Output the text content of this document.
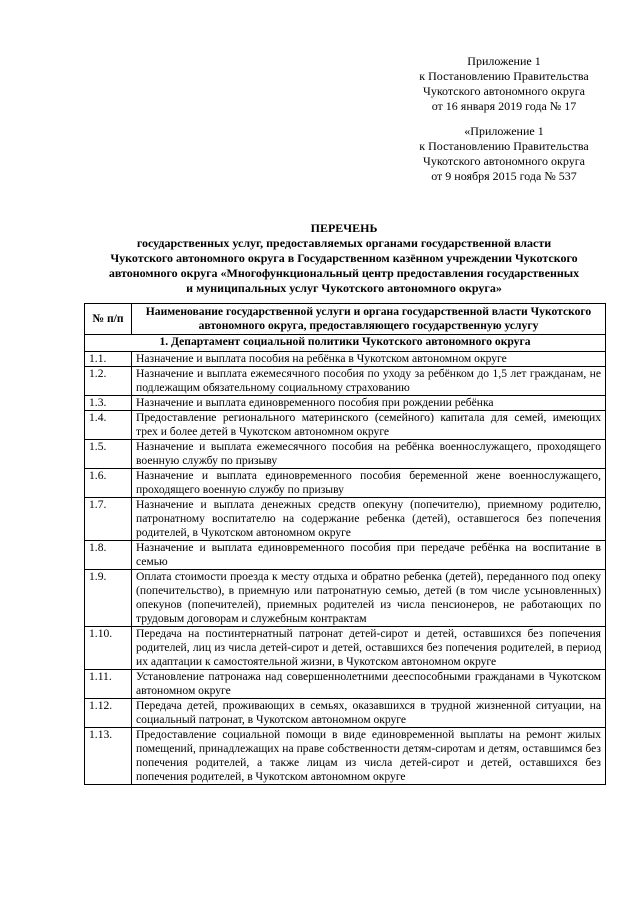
Приложение 1
к Постановлению Правительства
Чукотского автономного округа
от 16 января 2019 года № 17
«Приложение 1
к Постановлению Правительства
Чукотского автономного округа
от 9 ноября 2015 года № 537
ПЕРЕЧЕНЬ
государственных услуг, предоставляемых органами государственной власти
Чукотского автономного округа в Государственном казённом учреждении Чукотского
автономного округа «Многофункциональный центр предоставления государственных
и муниципальных услуг Чукотского автономного округа»
№ п/п	Наименование государственной услуги и органа государственной власти Чукотского автономного округа, предоставляющего государственную услугу
1. Департамент социальной политики Чукотского автономного округа	
1.1.	Назначение и выплата пособия на ребёнка в Чукотском автономном округе
1.2.	Назначение и выплата ежемесячного пособия по уходу за ребёнком до 1,5 лет гражданам, не подлежащим обязательному социальному страхованию
1.3.	Назначение и выплата единовременного пособия при рождении ребёнка
1.4.	Предоставление регионального материнского (семейного) капитала для семей, имеющих трех и более детей в Чукотском автономном округе
1.5.	Назначение и выплата ежемесячного пособия на ребёнка военнослужащего, проходящего военную службу по призыву
1.6.	Назначение и выплата единовременного пособия беременной жене военнослужащего, проходящего военную службу по призыву
1.7.	Назначение и выплата денежных средств опекуну (попечителю), приемному родителю, патронатному воспитателю на содержание ребенка (детей), оставшегося без попечения родителей, в Чукотском автономном округе
1.8.	Назначение и выплата единовременного пособия при передаче ребёнка на воспитание в семью
1.9.	Оплата стоимости проезда к месту отдыха и обратно ребенка (детей), переданного под опеку (попечительство), в приемную или патронатную семью, детей (в том числе усыновленных) опекунов (попечителей), приемных родителей из числа пенсионеров, не работающих по трудовым договорам и служебным контрактам
1.10.	Передача на постинтернатный патронат детей-сирот и детей, оставшихся без попечения родителей, лиц из числа детей-сирот и детей, оставшихся без попечения родителей, в период их адаптации к самостоятельной жизни, в Чукотском автономном округе
1.11.	Установление патронажа над совершеннолетними дееспособными гражданами в Чукотском автономном округе
1.12.	Передача детей, проживающих в семьях, оказавшихся в трудной жизненной ситуации, на социальный патронат, в Чукотском автономном округе
1.13.	Предоставление социальной помощи в виде единовременной выплаты на ремонт жилых помещений, принадлежащих на праве собственности детям-сиротам и детям, оставшимся без попечения родителей, а также лицам из числа детей-сирот и детей, оставшихся без попечения родителей, в Чукотском автономном округе
